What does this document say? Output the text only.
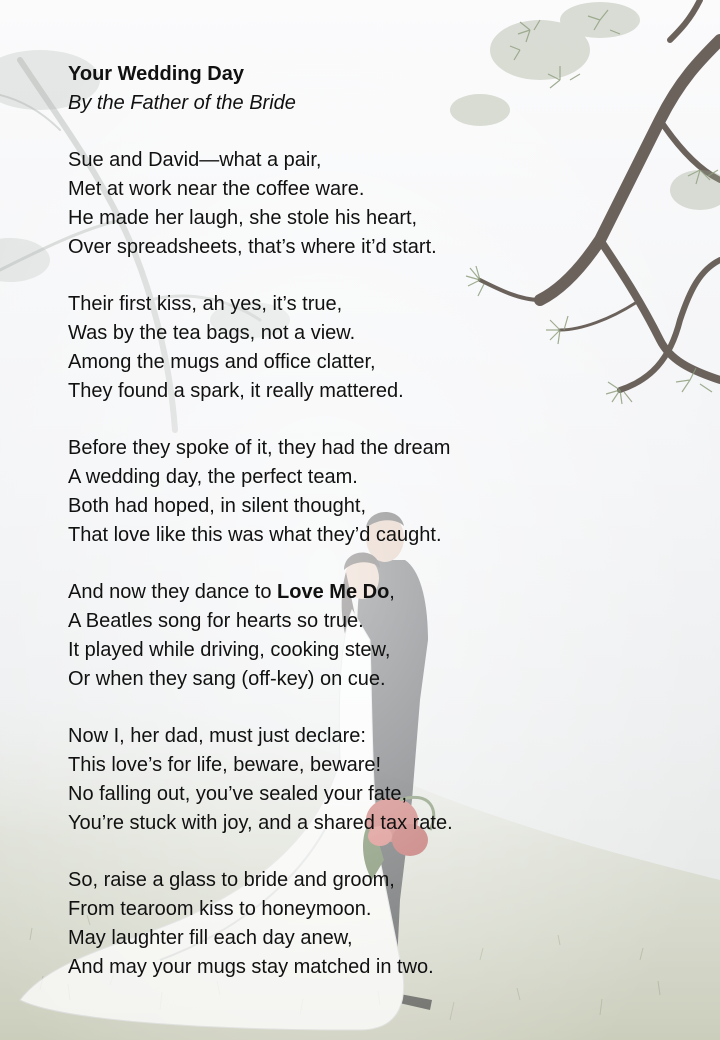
Your Wedding Day
By the Father of the Bride
Sue and David—what a pair,
Met at work near the coffee ware.
He made her laugh, she stole his heart,
Over spreadsheets, that’s where it’d start.
Their first kiss, ah yes, it’s true,
Was by the tea bags, not a view.
Among the mugs and office clatter,
They found a spark, it really mattered.
Before they spoke of it, they had the dream
A wedding day, the perfect team.
Both had hoped, in silent thought,
That love like this was what they’d caught.
And now they dance to Love Me Do,
A Beatles song for hearts so true.
It played while driving, cooking stew,
Or when they sang (off-key) on cue.
Now I, her dad, must just declare:
This love’s for life, beware, beware!
No falling out, you’ve sealed your fate,
You’re stuck with joy, and a shared tax rate.
So, raise a glass to bride and groom,
From tearoom kiss to honeymoon.
May laughter fill each day anew,
And may your mugs stay matched in two.
